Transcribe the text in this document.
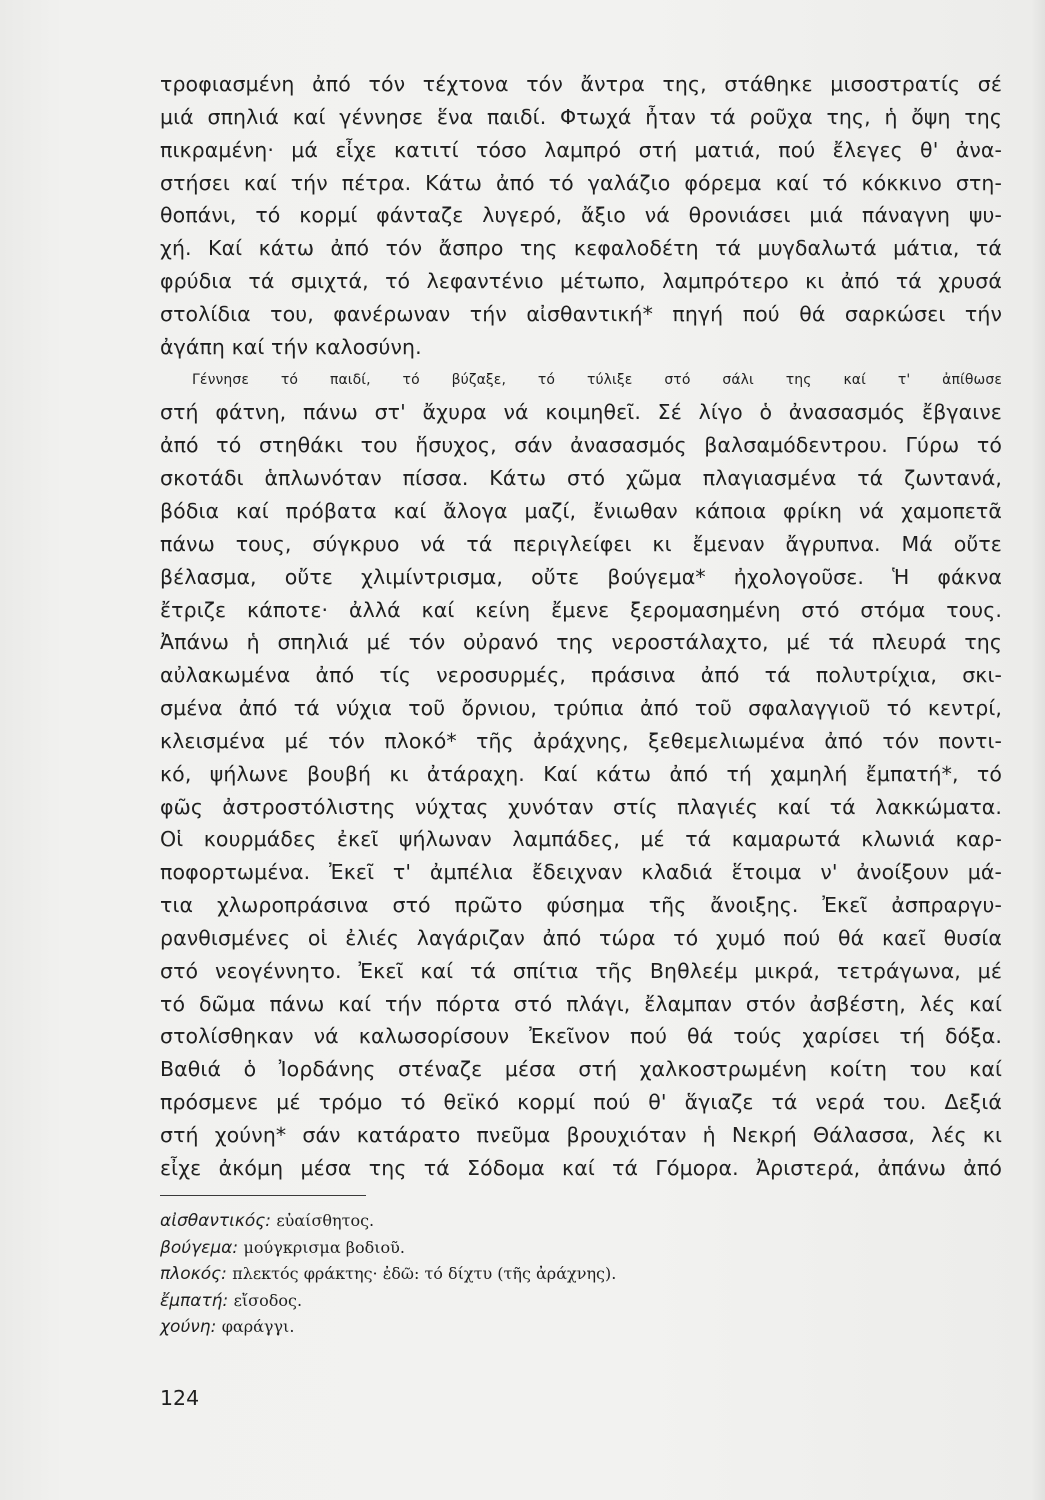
τροφιασμένη ἀπό τόν τέχτονα τόν ἄντρα της, στάθηκε μισοστρατίς σέ
μιά σπηλιά καί γέννησε ἕνα παιδί. Φτωχά ἦταν τά ροῦχα της, ἡ ὄψη της
πικραμένη· μά εἶχε κατιτί τόσο λαμπρό στή ματιά, πού ἔλεγες θ' ἀνα-
στήσει καί τήν πέτρα. Κάτω ἀπό τό γαλάζιο φόρεμα καί τό κόκκινο στη-
θοπάνι, τό κορμί φάνταζε λυγερό, ἄξιο νά θρονιάσει μιά πάναγνη ψυ-
χή. Καί κάτω ἀπό τόν ἄσπρο της κεφαλοδέτη τά μυγδαλωτά μάτια, τά
φρύδια τά σμιχτά, τό λεφαντένιο μέτωπο, λαμπρότερο κι ἀπό τά χρυσά
στολίδια του, φανέρωναν τήν αἰσθαντική* πηγή πού θά σαρκώσει τήν
ἀγάπη καί τήν καλοσύνη.
Γέννησε τό παιδί, τό βύζαξε, τό τύλιξε στό σάλι της καί τ' ἀπίθωσε
στή φάτνη, πάνω στ' ἄχυρα νά κοιμηθεῖ. Σέ λίγο ὁ ἀνασασμός ἔβγαινε
ἀπό τό στηθάκι του ἥσυχος, σάν ἀνασασμός βαλσαμόδεντρου. Γύρω τό
σκοτάδι ἁπλωνόταν πίσσα. Κάτω στό χῶμα πλαγιασμένα τά ζωντανά,
βόδια καί πρόβατα καί ἄλογα μαζί, ἔνιωθαν κάποια φρίκη νά χαμοπετᾶ
πάνω τους, σύγκρυο νά τά περιγλείφει κι ἔμεναν ἄγρυπνα. Μά οὔτε
βέλασμα, οὔτε χλιμίντρισμα, οὔτε βούγεμα* ἠχολογοῦσε. Ἡ φάκνα
ἔτριζε κάποτε· ἀλλά καί κείνη ἔμενε ξερομασημένη στό στόμα τους.
Ἀπάνω ἡ σπηλιά μέ τόν οὐρανό της νεροστάλαχτο, μέ τά πλευρά της
αὐλακωμένα ἀπό τίς νεροσυρμές, πράσινα ἀπό τά πολυτρίχια, σκι-
σμένα ἀπό τά νύχια τοῦ ὄρνιου, τρύπια ἀπό τοῦ σφαλαγγιοῦ τό κεντρί,
κλεισμένα μέ τόν πλοκό* τῆς ἀράχνης, ξεθεμελιωμένα ἀπό τόν ποντι-
κό, ψήλωνε βουβή κι ἀτάραχη. Καί κάτω ἀπό τή χαμηλή ἔμπατή*, τό
φῶς ἀστροστόλιστης νύχτας χυνόταν στίς πλαγιές καί τά λακκώματα.
Οἱ κουρμάδες ἐκεῖ ψήλωναν λαμπάδες, μέ τά καμαρωτά κλωνιά καρ-
ποφορτωμένα. Ἐκεῖ τ' ἀμπέλια ἔδειχναν κλαδιά ἕτοιμα ν' ἀνοίξουν μά-
τια χλωροπράσινα στό πρῶτο φύσημα τῆς ἄνοιξης. Ἐκεῖ ἀσπραργυ-
ρανθισμένες οἱ ἐλιές λαγάριζαν ἀπό τώρα τό χυμό πού θά καεῖ θυσία
στό νεογέννητο. Ἐκεῖ καί τά σπίτια τῆς Βηθλεέμ μικρά, τετράγωνα, μέ
τό δῶμα πάνω καί τήν πόρτα στό πλάγι, ἔλαμπαν στόν ἀσβέστη, λές καί
στολίσθηκαν νά καλωσορίσουν Ἐκεῖνον πού θά τούς χαρίσει τή δόξα.
Βαθιά ὁ Ἰορδάνης στέναζε μέσα στή χαλκοστρωμένη κοίτη του καί
πρόσμενε μέ τρόμο τό θεϊκό κορμί πού θ' ἅγιαζε τά νερά του. Δεξιά
στή χούνη* σάν κατάρατο πνεῦμα βρουχιόταν ἡ Νεκρή Θάλασσα, λές κι
εἶχε ἀκόμη μέσα της τά Σόδομα καί τά Γόμορα. Ἀριστερά, ἀπάνω ἀπό
αἰσθαντικός: εὐαίσθητος.
βούγεμα: μούγκρισμα βοδιοῦ.
πλοκός: πλεκτός φράκτης· ἐδῶ: τό δίχτυ (τῆς ἀράχνης).
ἔμπατή: εἴσοδος.
χούνη: φαράγγι.
124
